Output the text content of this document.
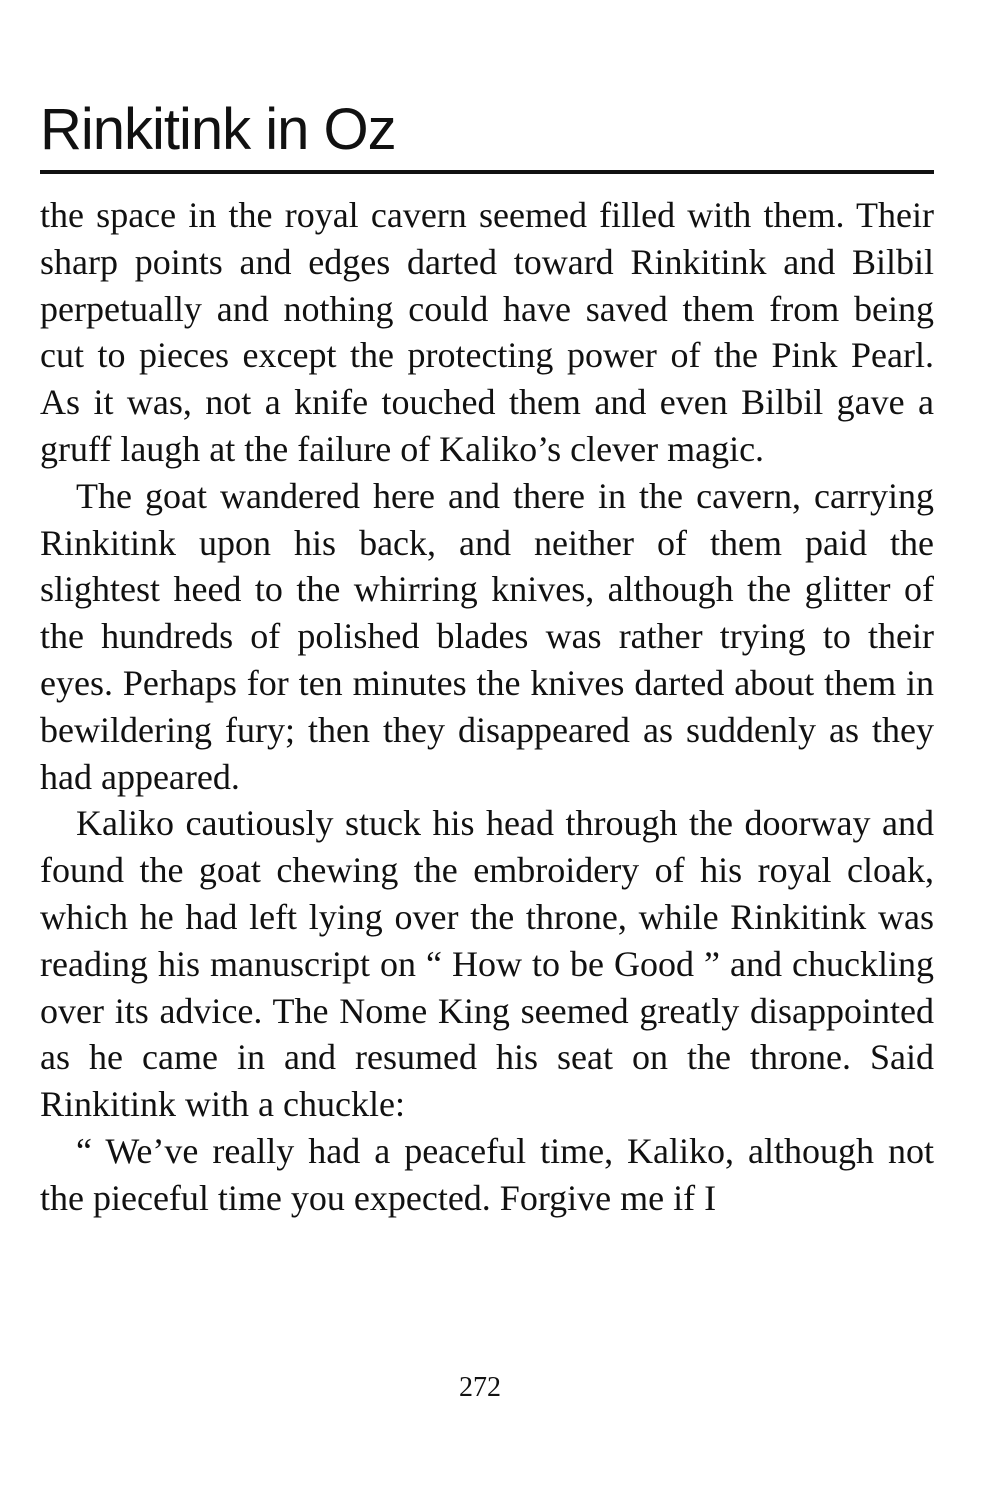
Rinkitink in Oz

the space in the royal cavern seemed filled with them. Their sharp points and edges darted toward Rinkitink and Bilbil perpetually and nothing could have saved them from being cut to pieces except the protecting power of the Pink Pearl. As it was, not a knife touched them and even Bilbil gave a gruff laugh at the failure of Kaliko’s clever magic.

The goat wandered here and there in the cavern, carrying Rinkitink upon his back, and neither of them paid the slightest heed to the whirring knives, although the glitter of the hundreds of polished blades was rather trying to their eyes. Perhaps for ten minutes the knives darted about them in bewildering fury; then they disappeared as suddenly as they had appeared.

Kaliko cautiously stuck his head through the doorway and found the goat chewing the embroidery of his royal cloak, which he had left lying over the throne, while Rinkitink was reading his manuscript on “ How to be Good ” and chuckling over its advice. The Nome King seemed greatly disappointed as he came in and resumed his seat on the throne. Said Rinkitink with a chuckle:

“ We’ve really had a peaceful time, Kaliko, although not the pieceful time you expected. Forgive me if I

272
